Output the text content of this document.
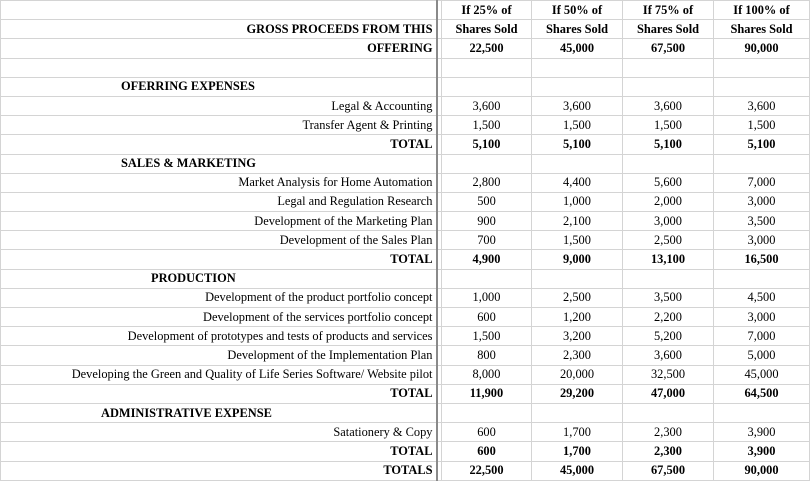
		If 25% of	If 50% of	If 75% of	If 100% of
GROSS PROCEEDS FROM THIS		Shares Sold	Shares Sold	Shares Sold	Shares Sold
OFFERING		22,500	45,000	67,500	90,000

OFERRING EXPENSES					
Legal & Accounting		3,600	3,600	3,600	3,600
Transfer Agent & Printing		1,500	1,500	1,500	1,500
TOTAL		5,100	5,100	5,100	5,100
SALES & MARKETING					
Market Analysis for Home Automation		2,800	4,400	5,600	7,000
Legal and Regulation Research		500	1,000	2,000	3,000
Development of the Marketing Plan		900	2,100	3,000	3,500
Development of the Sales Plan		700	1,500	2,500	3,000
TOTAL		4,900	9,000	13,100	16,500
PRODUCTION					
Development of the product portfolio concept		1,000	2,500	3,500	4,500
Development of the services portfolio concept		600	1,200	2,200	3,000
Development of prototypes and tests of products and services		1,500	3,200	5,200	7,000
Development of the Implementation Plan		800	2,300	3,600	5,000
Developing the Green and Quality of Life Series Software/ Website pilot		8,000	20,000	32,500	45,000
TOTAL		11,900	29,200	47,000	64,500
ADMINISTRATIVE EXPENSE					
Satationery & Copy		600	1,700	2,300	3,900
TOTAL		600	1,700	2,300	3,900
TOTALS		22,500	45,000	67,500	90,000
